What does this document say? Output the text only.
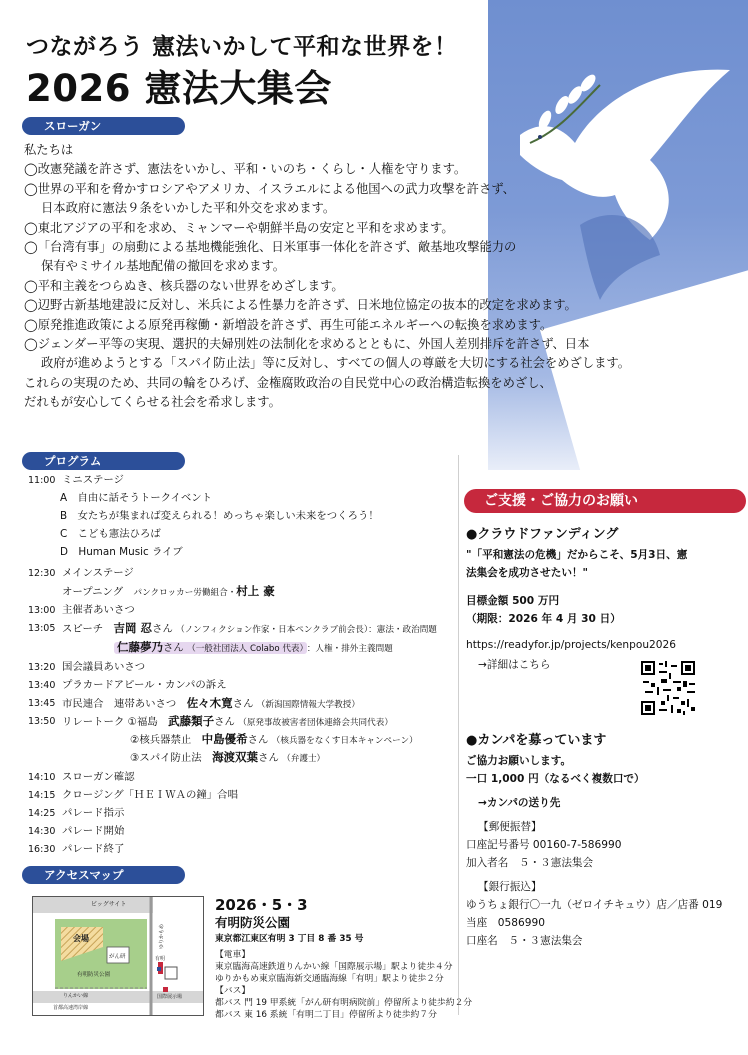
つながろう 憲法いかして平和な世界を！
2026 憲法大集会
スローガン
私たちは
◯改憲発議を許さず、憲法をいかし、平和・いのち・くらし・人権を守ります。
◯世界の平和を脅かすロシアやアメリカ、イスラエルによる他国への武力攻撃を許さず、
日本政府に憲法９条をいかした平和外交を求めます。
◯東北アジアの平和を求め、ミャンマーや朝鮮半島の安定と平和を求めます。
◯「台湾有事」の扇動による基地機能強化、日米軍事一体化を許さず、敵基地攻撃能力の
保有やミサイル基地配備の撤回を求めます。
◯平和主義をつらぬき、核兵器のない世界をめざします。
◯辺野古新基地建設に反対し、米兵による性暴力を許さず、日米地位協定の抜本的改定を求めます。
◯原発推進政策による原発再稼働・新増設を許さず、再生可能エネルギーへの転換を求めます。
◯ジェンダー平等の実現、選択的夫婦別姓の法制化を求めるとともに、外国人差別排斥を許さず、日本
政府が進めようとする「スパイ防止法」等に反対し、すべての個人の尊厳を大切にする社会をめざします。
これらの実現のため、共同の輪をひろげ、金権腐敗政治の自民党中心の政治構造転換をめざし、
だれもが安心してくらせる社会を希求します。
クラウド
ファンディングに
ご協力ください
プログラム
11:00 ミニステージ
A　自由に話そうトークイベント
B　女たちが集まれば変えられる！めっちゃ楽しい未来をつくろう！
C　こども憲法ひろば
D　Human Music ライブ
12:30 メインステージ
オープニング　 パンクロッカー労働組合・村上 豪
13:00 主催者あいさつ
13:05 スピーチ　 吉岡 忍さん （ノンフィクション作家・日本ペンクラブ前会長）：憲法・政治問題
仁藤夢乃さん （一般社団法人 Colabo 代表） ：人権・排外主義問題
13:20 国会議員あいさつ
13:40 プラカードアピール・カンパの訴え
13:45 市民連合　連帯あいさつ　 佐々木寛さん （新潟国際情報大学教授）
13:50 リレートーク ①福島　 武藤類子さん （原発事故被害者団体連絡会共同代表）
②核兵器禁止　 中島優希さん （核兵器をなくす日本キャンペーン）
③スパイ防止法　 海渡双葉さん （弁護士）
14:10 スローガン確認
14:15 クロージング「ＨＥＩＷＡの鐘」合唱
14:25 パレード指示
14:30 パレード開始
16:30 パレード終了
ご支援・ご協力のお願い
●クラウドファンディング
"「平和憲法の危機」だからこそ、5月3日、憲
法集会を成功させたい！"
目標金額 500 万円
（期限：2026 年 4 月 30 日）
https://readyfor.jp/projects/kenpou2026
→詳細はこちら
●カンパを募っています
ご協力お願いします。
一口 1,000 円（なるべく複数口で）
→カンパの送り先
【郵便振替】
口座記号番号 00160-7-586990
加入者名　５・３憲法集会
【銀行振込】
ゆうちょ銀行〇一九（ゼロイチキュウ）店／店番 019
当座　0586990
口座名　５・３憲法集会
アクセスマップ
ビッグサイト
会場
がん研
有明防災公園
ゆりかもめ
有明
りんかい線	国際展示場
首都高速湾岸線
2026・5・3
有明防災公園
東京都江東区有明 3 丁目 8 番 35 号
【電車】
東京臨海高速鉄道りんかい線「国際展示場」駅より徒歩４分
ゆりかもめ東京臨海新交通臨海線「有明」駅より徒歩２分
【バス】
都バス 門 19 甲系統「がん研有明病院前」停留所より徒歩約２分
都バス 東 16 系統「有明二丁目」停留所より徒歩約７分
